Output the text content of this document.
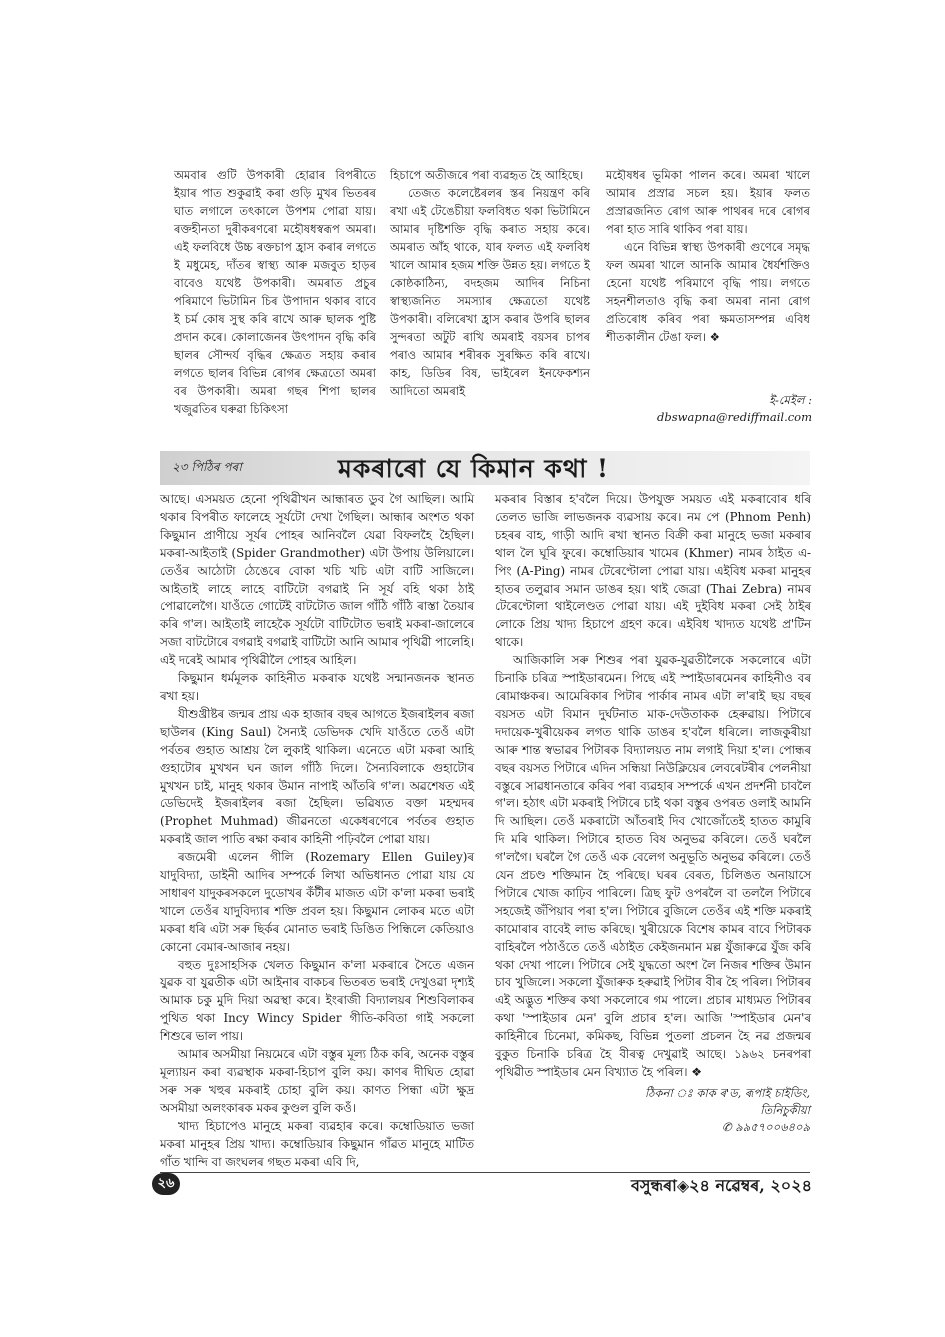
অমবাৰ গুটি উপকাৰী হোৱাৰ বিপৰীতে ইয়াৰ পাত শুকুৱাই কৰা গুড়ি মুখৰ ভিতৰৰ ঘাত লগালে তৎকালে উপশম পোৱা যায়। ৰক্তহীনতা দুৰীকৰণৰো মহৌষধস্বৰূপ অমৰা। এই ফলবিধে উচ্চ ৰক্তচাপ হ্ৰাস কৰাৰ লগতে ই মধুমেহ, দাঁতৰ স্বাস্থ্য আৰু মজবুত হাড়ৰ বাবেও যথেষ্ট উপকাৰী। অমৰাত প্ৰচুৰ পৰিমাণে ভিটামিন চিৰ উপাদান থকাৰ বাবে ই চৰ্ম কোষ সুস্থ কৰি ৰাখে আৰু ছালক পুষ্টি প্ৰদান কৰে। কোলাজেনৰ উৎপাদন বৃদ্ধি কৰি ছালৰ সৌন্দৰ্য বৃদ্ধিৰ ক্ষেত্ৰত সহায় কৰাৰ লগতে ছালৰ বিভিন্ন ৰোগৰ ক্ষেত্ৰতো অমৰা বৰ উপকাৰী। অমৰা গছৰ শিপা ছালৰ খজুৱতিৰ ঘৰুৱা চিকিৎসা

হিচাপে অতীজৰে পৰা ব্যৱহৃত হৈ আহিছে।

তেজত কলেষ্টেৰলৰ স্তৰ নিয়ন্ত্ৰণ কৰি ৰখা এই টেঙেচীয়া ফলবিধত থকা ভিটামিনে আমাৰ দৃষ্টিশক্তি বৃদ্ধি কৰাত সহায় কৰে। অমৰাত আঁহ থাকে, যাৰ ফলত এই ফলবিধ খালে আমাৰ হজম শক্তি উন্নত হয়। লগতে ই কোষ্ঠকাঠিন্য, বদহজম আদিৰ নিচিনা স্বাস্থ্যজনিত সমস্যাৰ ক্ষেত্ৰতো যথেষ্ট উপকাৰী। বলিৰেখা হ্ৰাস কৰাৰ উপৰি ছালৰ সুন্দৰতা অটুট ৰাখি অমৰাই বয়সৰ চাপৰ পৰাও আমাৰ শৰীৰক সুৰক্ষিত কৰি ৰাখে। কাহ, ডিডিৰ বিষ, ভাইৰেল ইনফেকশ্যন আদিতো অমৰাই

মহৌষধৰ ভূমিকা পালন কৰে। অমৰা খালে আমাৰ প্ৰস্ৰাৱ সচল হয়। ইয়াৰ ফলত প্ৰস্ৰাৱজনিত ৰোগ আৰু পাথৰৰ দৰে ৰোগৰ পৰা হাত সাৰি থাকিব পৰা যায়।

এনে বিভিন্ন স্বাস্থ্য উপকাৰী গুণেৰে সমৃদ্ধ ফল অমৰা খালে আনকি আমাৰ ধৈৰ্যশক্তিও হেনো যথেষ্ট পৰিমাণে বৃদ্ধি পায়। লগতে সহনশীলতাও বৃদ্ধি কৰা অমৰা নানা ৰোগ প্ৰতিৰোধ কৰিব পৰা ক্ষমতাসম্পন্ন এবিধ শীতকালীন টেঙা ফল। ❖

ই-মেইল :
dbswapna@rediffmail.com
২৩ পিঠিৰ পৰা	মকৰাৰো যে কিমান কথা !

আছে। এসময়ত হেনো পৃথিৱীখন আন্ধাৰত ডুব গৈ আছিল। আমি থকাৰ বিপৰীত ফালেহে সূৰ্যটো দেখা গৈছিল। আন্ধাৰ অংশত থকা কিছুমান প্ৰাণীয়ে সূৰ্যৰ পোহৰ আনিবলৈ যেৱা বিফলহৈ হৈছিল। মকৰা-আইতাই (Spider Grandmother) এটা উপায় উলিয়ালে। তেওঁৰ আঠোটা ঠেঙেৰে বোকা খচি খচি এটা বাটি সাজিলে। আইতাই লাহে লাহে বাটিটো বগৱাই নি সূৰ্য বহি থকা ঠাই পোৱালেগৈ। যাওঁতে গোটেই বাটটোত জাল গাঁঠি গাঁঠি ৰাস্তা তৈয়াৰ কৰি গ'ল। আইতাই লাহেকৈ সূৰ্যটো বাটিটোত ভৰাই মকৰা-জালেৰে সজা বাটটোৰে বগৱাই বগৱাই বাটিটো আনি আমাৰ পৃথিৱী পালেহি। এই দৰেই আমাৰ পৃথিৱীলৈ পোহৰ আহিল।

কিছুমান ধৰ্মমূলক কাহিনীত মকৰাক যথেষ্ট সন্মানজনক স্থানত ৰখা হয়।

যীশুখ্ৰীষ্টৰ জন্মৰ প্ৰায় এক হাজাৰ বছৰ আগতে ইজৰাইলৰ ৰজা ছাউলৰ (King Saul) সৈন্যই ডেভিদক খেদি যাওঁতে তেওঁ এটা পৰ্বতৰ গুহাত আশ্ৰয় লৈ লুকাই থাকিল। এনেতে এটা মকৰা আহি গুহাটোৰ মুখখন ঘন জাল গাঁঠি দিলে। সৈন্যবিলাকে গুহাটোৰ মুখখন চাই, মানুহ থকাৰ উমান নাপাই আঁতৰি গ'ল। অৱশেষত এই ডেভিদেই ইজৰাইলৰ ৰজা হৈছিল। ভৱিষ্যত বক্তা মহম্মদৰ (Prophet Muhmad) জীৱনতো একেধৰণেৰে পৰ্বতৰ গুহাত মকৰাই জাল পাতি ৰক্ষা কৰাৰ কাহিনী পঢ়িবলৈ পোৱা যায়।

ৰজমেৰী এলেন গীলি (Rozemary Ellen Guiley)ৰ যাদুবিদ্যা, ডাইনী আদিৰ সম্পৰ্কে লিখা অভিধানত পোৱা যায় যে সাধাৰণ যাদুকৰসকলে দুডোখৰ কঁটীৰ মাজত এটা ক'লা মকৰা ভৰাই খালে তেওঁৰ যাদুবিদ্যাৰ শক্তি প্ৰবল হয়। কিছুমান লোকৰ মতে এটা মকৰা ধৰি এটা সৰু ছিৰ্কৰ মোনাত ভৰাই ডিঙিত পিন্ধিলে কেতিয়াও কোনো বেমাৰ-আজাৰ নহয়।

বহুত দুঃসাহসিক খেলত কিছুমান ক'লা মকৰাৰে সৈতে এজন যুৱক বা যুৱতীক এটা আইনাৰ বাকচৰ ভিতৰত ভৰাই দেখুওৱা দৃশ্যই আমাক চকু মুদি দিয়া অৱস্থা কৰে। ইংৰাজী বিদ্যালয়ৰ শিশুবিলাকৰ পুথিত থকা Incy Wincy Spider গীতি-কবিতা গাই সকলো শিশুৰে ভাল পায়।

আমাৰ অসমীয়া নিয়মেৰে এটা বস্তুৰ মূল্য ঠিক কৰি, অনেক বস্তুৰ মূল্যায়ন কৰা ব্যৱস্থাক মকৰা-হিচাপ বুলি কয়। কাণৰ দীঘিত হোৱা সৰু সৰু খহুৰ মকৰাই চোহা বুলি কয়। কাণত পিন্ধা এটা ক্ষুদ্ৰ অসমীয়া অলংকাৰক মকৰ কুণ্ডল বুলি কওঁ।

খাদ্য হিচাপেও মানুহে মকৰা ব্যৱহাৰ কৰে। কম্বোডিয়াত ভজা মকৰা মানুহৰ প্ৰিয় খাদ্য। কম্বোডিয়াৰ কিছুমান গাঁৱত মানুহে মাটিত গাঁত খান্দি বা জংঘলৰ গছত মকৰা এবি দি,

মকৰাৰ বিস্তাৰ হ'বলৈ দিয়ে। উপযুক্ত সময়ত এই মকৰাবোৰ ধৰি তেলত ভাজি লাভজনক ব্যৱসায় কৰে। নম পে (Phnom Penh) চহৰৰ বাহ, গাড়ী আদি ৰখা স্থানত বিক্ৰী কৰা মানুহে ভজা মকৰাৰ থাল লৈ ঘূৰি ফুৰে। কম্বোডিয়াৰ খামেৰ (Khmer) নামৰ ঠাইত এ-পিং (A-Ping) নামৰ টেৰেণ্টোলা পোৱা যায়। এইবিধ মকৰা মানুহৰ হাতৰ তলুৱাৰ সমান ডাঙৰ হয়। থাই জেব্ৰা (Thai Zebra) নামৰ টেৰেণ্টোলা থাইলেণ্ডত পোৱা যায়। এই দুইবিধ মকৰা সেই ঠাইৰ লোকে প্ৰিয় খাদ্য হিচাপে গ্ৰহণ কৰে। এইবিধ খাদ্যত যথেষ্ট প্ৰ'টিন থাকে।

আজিকালি সৰু শিশুৰ পৰা যুৱক-যুৱতীলৈকে সকলোৰে এটা চিনাকি চৰিত্ৰ স্পাইডাৰমেন। পিছে এই স্পাইডাৰমেনৰ কাহিনীও বৰ ৰোমাঞ্চকৰ। আমেৰিকাৰ পিটাৰ পাৰ্কাৰ নামৰ এটা ল'ৰাই ছয় বছৰ বয়সত এটা বিমান দুৰ্ঘটনাত মাক-দেউতাকক হেৰুৱায়। পিটাৰে দদায়েক-খুৰীয়েকৰ লগত থাকি ডাঙৰ হ'বলৈ ধৰিলে। লাজকুৰীয়া আৰু শান্ত স্বভাৱৰ পিটাৰক বিদ্যালয়ত নাম লগাই দিয়া হ'ল। পোন্ধৰ বছৰ বয়সত পিটাৰে এদিন সন্ধিয়া নিউক্লিয়েৰ লেবৰেটৰীৰ পেলনীয়া বস্তুৰে সাৱধানতাৰে কৰিব পৰা ব্যৱহাৰ সম্পৰ্কে এখন প্ৰদৰ্শনী চাবলৈ গ'ল। হঠাৎ এটা মকৰাই পিটাৰে চাই থকা বস্তুৰ ওপৰত ওলাই আমনি দি আছিল। তেওঁ মকৰাটো আঁতৰাই দিব খোজোঁতেই হাতত কামুৰি দি মৰি থাকিল। পিটাৰে হাতত বিষ অনুভৱ কৰিলে। তেওঁ ঘৰলৈ গ'লগৈ। ঘৰলৈ গৈ তেওঁ এক বেলেগ অনুভূতি অনুভৱ কৰিলে। তেওঁ যেন প্ৰচণ্ড শক্তিমান হৈ পৰিছে। ঘৰৰ বেৰত, চিলিঙত অনায়াসে পিটাৰে খোজ কাঢ়িব পাৰিলে। ত্ৰিছ ফুট ওপৰলৈ বা তললৈ পিটাৰে সহজেই জঁপিয়াব পৰা হ'ল। পিটাৰে বুজিলে তেওঁৰ এই শক্তি মকৰাই কামোৰাৰ বাবেই লাভ কৰিছে। খুৰীয়েকে বিশেষ কামৰ বাবে পিটাৰক বাহিৰলৈ পঠাওঁতে তেওঁ এঠাইত কেইজনমান মল্ল যুঁজাৰুৱে যুঁজ কৰি থকা দেখা পালে। পিটাৰে সেই যুদ্ধতো অংশ লৈ নিজৰ শক্তিৰ উমান চাব খুজিলে। সকলো যুঁজাৰুক হৰুৱাই পিটাৰ বীৰ হৈ পৰিল। পিটাৰৰ এই অদ্ভুত শক্তিৰ কথা সকলোৰে গম পালে। প্ৰচাৰ মাধ্যমত পিটাৰৰ কথা 'স্পাইডাৰ মেন' বুলি প্ৰচাৰ হ'ল। আজি 'স্পাইডাৰ মেন'ৰ কাহিনীৰে চিনেমা, কমিকছ, বিভিন্ন পুতলা প্ৰচলন হৈ নৱ প্ৰজন্মৰ বুকুত চিনাকি চৰিত্ৰ হৈ বীৰত্ব দেখুৱাই আছে। ১৯৬২ চনৰপৰা পৃথিৱীত স্পাইডাৰ মেন বিখ্যাত হৈ পৰিল। ❖

ঠিকনা ঃ কাক ৰ'ড, ৰূপাই চাইডিং,
তিনিচুকীয়া
✆ ৯৯৫৭০০৬৪০৯
২৬	বসুন্ধৰা◈২৪ নৱেম্বৰ, ২০২৪
